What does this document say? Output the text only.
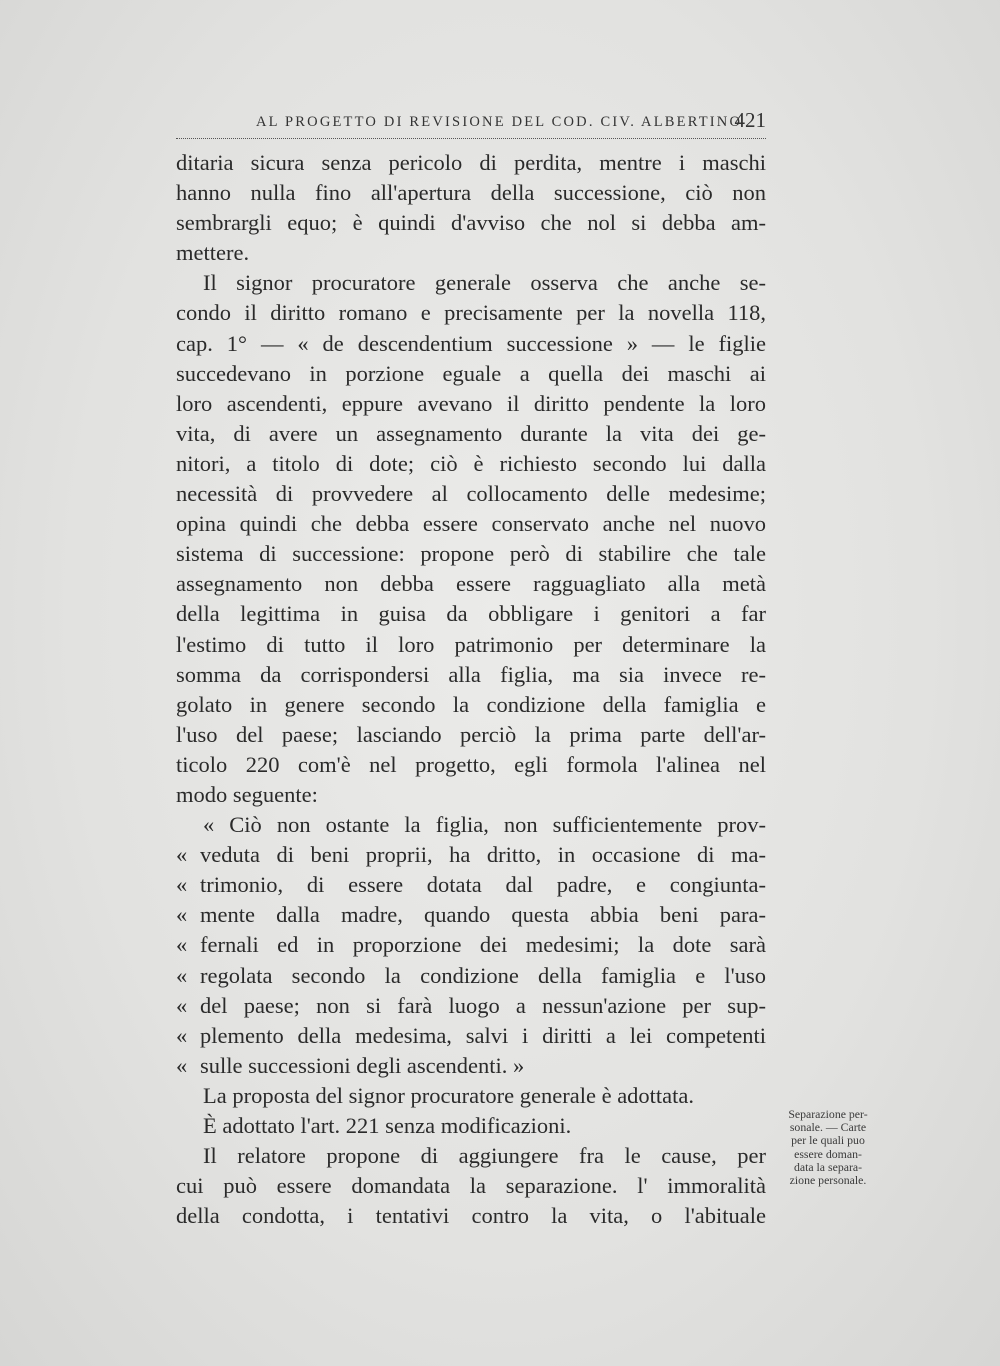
AL PROGETTO DI REVISIONE DEL COD. CIV. ALBERTINO
421
ditaria sicura senza pericolo di perdita, mentre i maschi
hanno nulla fino all'apertura della successione, ciò non
sembrargli equo; è quindi d'avviso che nol si debba am-
mettere.
Il signor procuratore generale osserva che anche se-
condo il diritto romano e precisamente per la novella 118,
cap. 1° — « de descendentium successione » — le figlie
succedevano in porzione eguale a quella dei maschi ai
loro ascendenti, eppure avevano il diritto pendente la loro
vita, di avere un assegnamento durante la vita dei ge-
nitori, a titolo di dote; ciò è richiesto secondo lui dalla
necessità di provvedere al collocamento delle medesime;
opina quindi che debba essere conservato anche nel nuovo
sistema di successione: propone però di stabilire che tale
assegnamento non debba essere ragguagliato alla metà
della legittima in guisa da obbligare i genitori a far
l'estimo di tutto il loro patrimonio per determinare la
somma da corrispondersi alla figlia, ma sia invece re-
golato in genere secondo la condizione della famiglia e
l'uso del paese; lasciando perciò la prima parte dell'ar-
ticolo 220 com'è nel progetto, egli formola l'alinea nel
modo seguente:
« Ciò non ostante la figlia, non sufficientemente prov-
« veduta di beni proprii, ha dritto, in occasione di ma-
« trimonio, di essere dotata dal padre, e congiunta-
« mente dalla madre, quando questa abbia beni para-
« fernali ed in proporzione dei medesimi; la dote sarà
« regolata secondo la condizione della famiglia e l'uso
« del paese; non si farà luogo a nessun'azione per sup-
« plemento della medesima, salvi i diritti a lei competenti
« sulle successioni degli ascendenti. »
La proposta del signor procuratore generale è adottata.
È adottato l'art. 221 senza modificazioni.
Il relatore propone di aggiungere fra le cause, per
cui può essere domandata la separazione. l' immoralità
della condotta, i tentativi contro la vita, o l'abituale
Separazione per-
sonale. — Carte
per le quali puo
essere doman-
data la separa-
zione personale.
